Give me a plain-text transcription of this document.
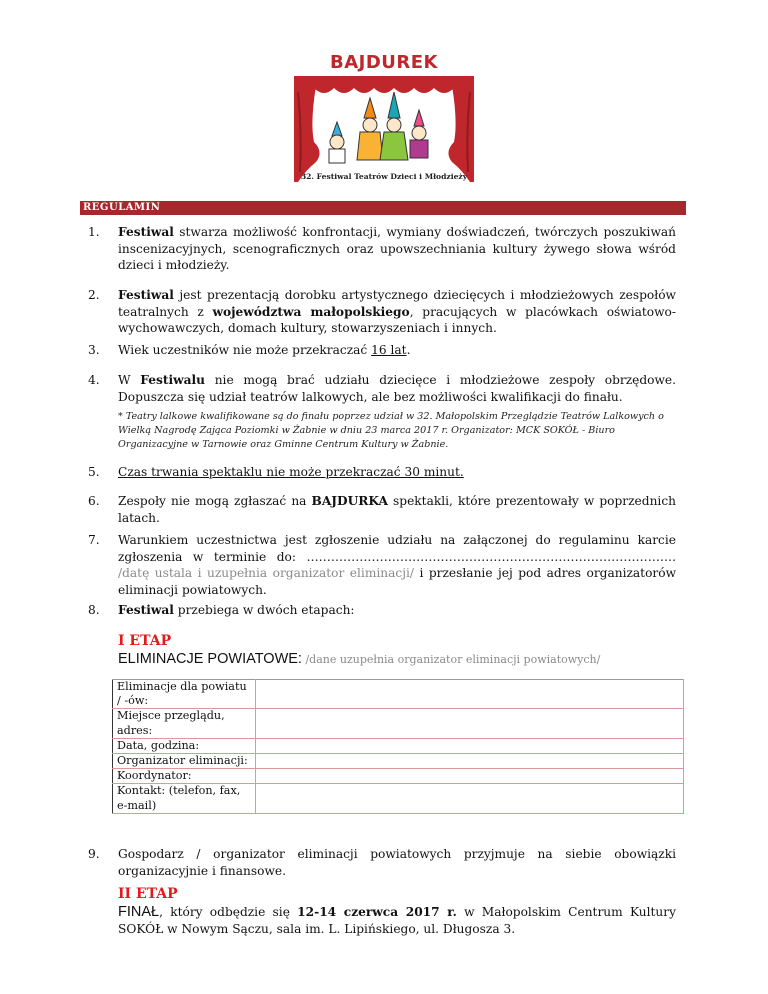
BAJDUREK
32. Festiwal Teatrów Dzieci i Młodzieży
REGULAMIN
1. Festiwal stwarza możliwość konfrontacji, wymiany doświadczeń, twórczych poszukiwań inscenizacyjnych, scenograficznych oraz upowszechniania kultury żywego słowa wśród dzieci i młodzieży.
2. Festiwal jest prezentacją dorobku artystycznego dziecięcych i młodzieżowych zespołów teatralnych z województwa małopolskiego, pracujących w placówkach oświatowo-wychowawczych, domach kultury, stowarzyszeniach i innych.
3. Wiek uczestników nie może przekraczać 16 lat.
4. W Festiwalu nie mogą brać udziału dziecięce i młodzieżowe zespoły obrzędowe. Dopuszcza się udział teatrów lalkowych, ale bez możliwości kwalifikacji do finału.
* Teatry lalkowe kwalifikowane są do finału poprzez udział w 32. Małopolskim Przeglądzie Teatrów Lalkowych o Wielką Nagrodę Zająca Poziomki w Żabnie w dniu 23 marca 2017 r. Organizator: MCK SOKÓŁ - Biuro Organizacyjne w Tarnowie oraz Gminne Centrum Kultury w Żabnie.
5. Czas trwania spektaklu nie może przekraczać 30 minut.
6. Zespoły nie mogą zgłaszać na BAJDURKA spektakli, które prezentowały w poprzednich latach.
7. Warunkiem uczestnictwa jest zgłoszenie udziału na załączonej do regulaminu karcie zgłoszenia w terminie do: ………………………………………………………………………………. /datę ustala i uzupełnia organizator eliminacji/ i przesłanie jej pod adres organizatorów eliminacji powiatowych.
8. Festiwal przebiega w dwóch etapach:
I ETAP
ELIMINACJE POWIATOWE: /dane uzupełnia organizator eliminacji powiatowych/
Eliminacje dla powiatu / -ów:	
Miejsce przeglądu, adres:	
Data, godzina:	
Organizator eliminacji:	
Koordynator:	
Kontakt: (telefon, fax, e-mail)	
9. Gospodarz / organizator eliminacji powiatowych przyjmuje na siebie obowiązki organizacyjnie i finansowe.
II ETAP
FINAŁ, który odbędzie się 12-14 czerwca 2017 r. w Małopolskim Centrum Kultury SOKÓŁ w Nowym Sączu, sala im. L. Lipińskiego, ul. Długosza 3.
